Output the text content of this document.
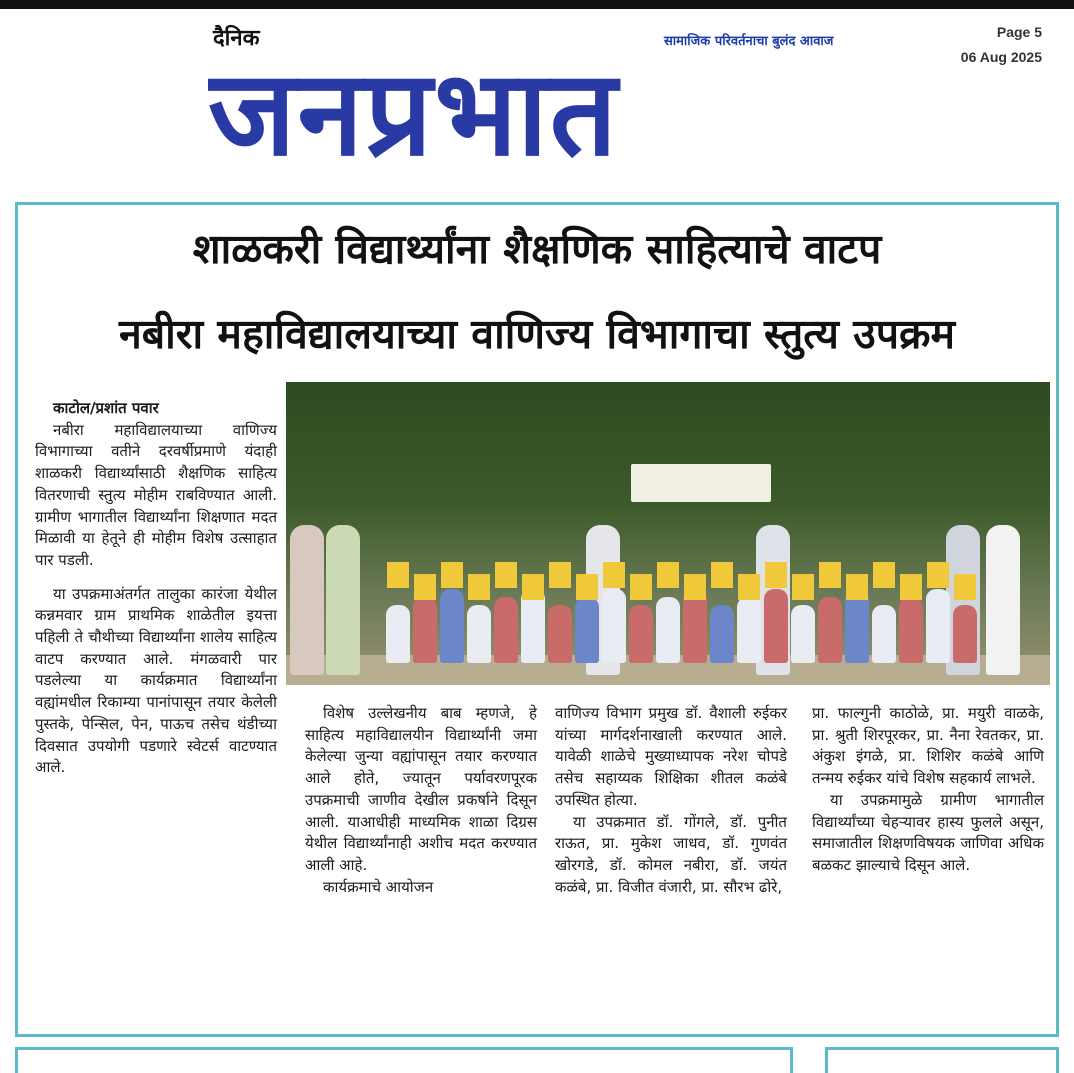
दैनिक	सामाजिक परिवर्तनाचा बुलंद आवाज
जनप्रभात
Page 5
06 Aug 2025
शाळकरी विद्यार्थ्यांना शैक्षणिक साहित्याचे वाटप
नबीरा महाविद्यालयाच्या वाणिज्य विभागाचा स्तुत्य उपक्रम
काटोल/प्रशांत पवार

नबीरा महाविद्यालयाच्या वाणिज्य विभागाच्या वतीने दरवर्षीप्रमाणे यंदाही शाळकरी विद्यार्थ्यांसाठी शैक्षणिक साहित्य वितरणाची स्तुत्य मोहीम राबविण्यात आली. ग्रामीण भागातील विद्यार्थ्यांना शिक्षणात मदत मिळावी या हेतूने ही मोहीम विशेष उत्साहात पार पडली.

या उपक्रमाअंतर्गत तालुका कारंजा येथील कन्नमवार ग्राम प्राथमिक शाळेतील इयत्ता पहिली ते चौथीच्या विद्यार्थ्यांना शालेय साहित्य वाटप करण्यात आले. मंगळवारी पार पडलेल्या या कार्यक्रमात विद्यार्थ्यांना वह्यांमधील रिकाम्या पानांपासून तयार केलेली पुस्तके, पेन्सिल, पेन, पाऊच तसेच थंडीच्या दिवसात उपयोगी पडणारे स्वेटर्स वाटण्यात आले.

विशेष उल्लेखनीय बाब म्हणजे, हे साहित्य महाविद्यालयीन विद्यार्थ्यांनी जमा केलेल्या जुन्या वह्यांपासून तयार करण्यात आले होते, ज्यातून पर्यावरणपूरक उपक्रमाची जाणीव देखील प्रकर्षाने दिसून आली. याआधीही माध्यमिक शाळा दिग्रस येथील विद्यार्थ्यांनाही अशीच मदत करण्यात आली आहे.

कार्यक्रमाचे आयोजन

वाणिज्य विभाग प्रमुख डॉ. वैशाली रुईकर यांच्या मार्गदर्शनाखाली करण्यात आले. यावेळी शाळेचे मुख्याध्यापक नरेश चोपडे तसेच सहाय्यक शिक्षिका शीतल कळंबे उपस्थित होत्या.

या उपक्रमात डॉ. गोंगले, डॉ. पुनीत राऊत, प्रा. मुकेश जाधव, डॉ. गुणवंत खोरगडे, डॉ. कोमल नबीरा, डॉ. जयंत कळंबे, प्रा. विजीत वंजारी, प्रा. सौरभ ढोरे,

प्रा. फाल्गुनी काठोळे, प्रा. मयुरी वाळके, प्रा. श्रुती शिरपूरकर, प्रा. नैना रेवतकर, प्रा. अंकुश इंगळे, प्रा. शिशिर कळंबे आणि तन्मय रुईकर यांचे विशेष सहकार्य लाभले.

या उपक्रमामुळे ग्रामीण भागातील विद्यार्थ्यांच्या चेहऱ्यावर हास्य फुलले असून, समाजातील शिक्षणविषयक जाणिवा अधिक बळकट झाल्याचे दिसून आले.
